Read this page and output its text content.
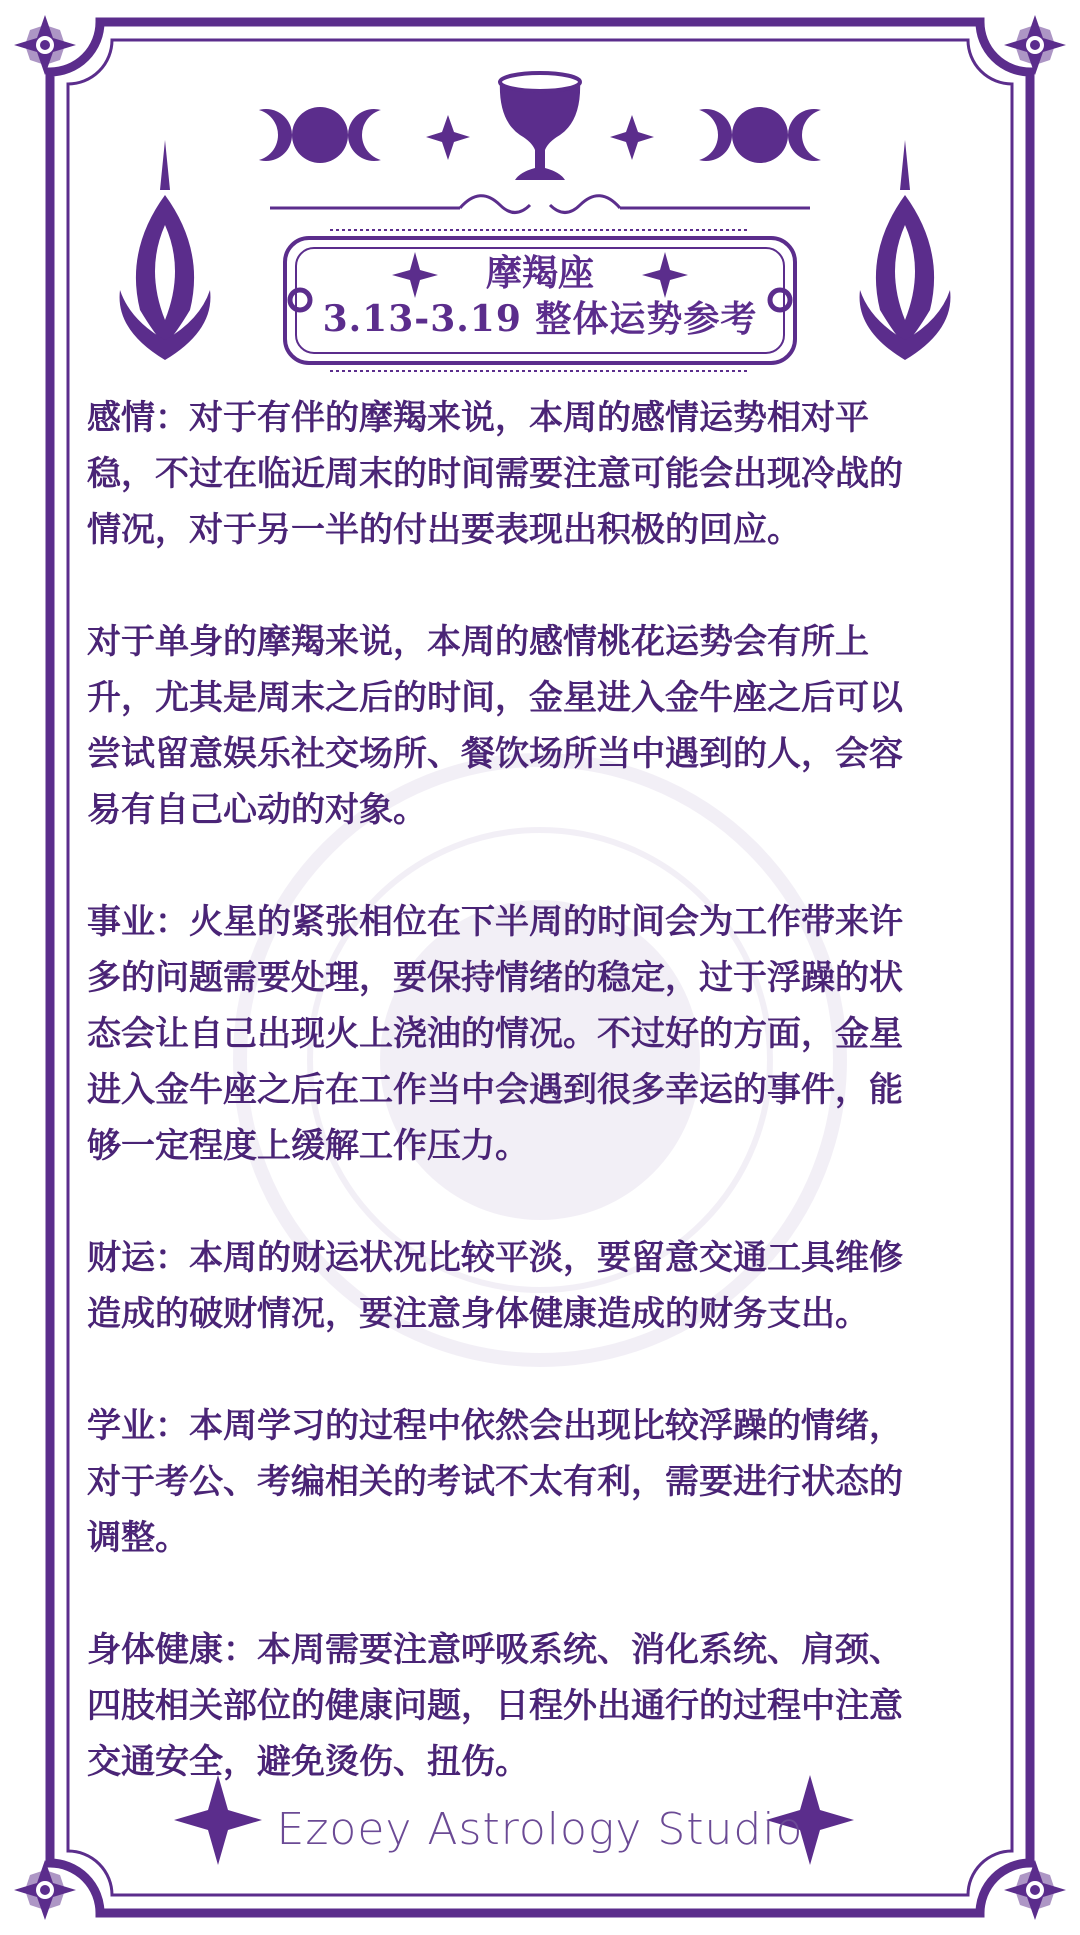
摩羯座
3.13-3.19 整体运势参考

感情：对于有伴的摩羯来说，本周的感情运势相对平
稳，不过在临近周末的时间需要注意可能会出现冷战的
情况，对于另一半的付出要表现出积极的回应。

对于单身的摩羯来说，本周的感情桃花运势会有所上
升，尤其是周末之后的时间，金星进入金牛座之后可以
尝试留意娱乐社交场所、餐饮场所当中遇到的人，会容
易有自己心动的对象。

事业：火星的紧张相位在下半周的时间会为工作带来许
多的问题需要处理，要保持情绪的稳定，过于浮躁的状
态会让自己出现火上浇油的情况。不过好的方面，金星
进入金牛座之后在工作当中会遇到很多幸运的事件，能
够一定程度上缓解工作压力。

财运：本周的财运状况比较平淡，要留意交通工具维修
造成的破财情况，要注意身体健康造成的财务支出。

学业：本周学习的过程中依然会出现比较浮躁的情绪，
对于考公、考编相关的考试不太有利，需要进行状态的
调整。

身体健康：本周需要注意呼吸系统、消化系统、肩颈、
四肢相关部位的健康问题，日程外出通行的过程中注意
交通安全，避免烫伤、扭伤。

Ezoey Astrology Studio
